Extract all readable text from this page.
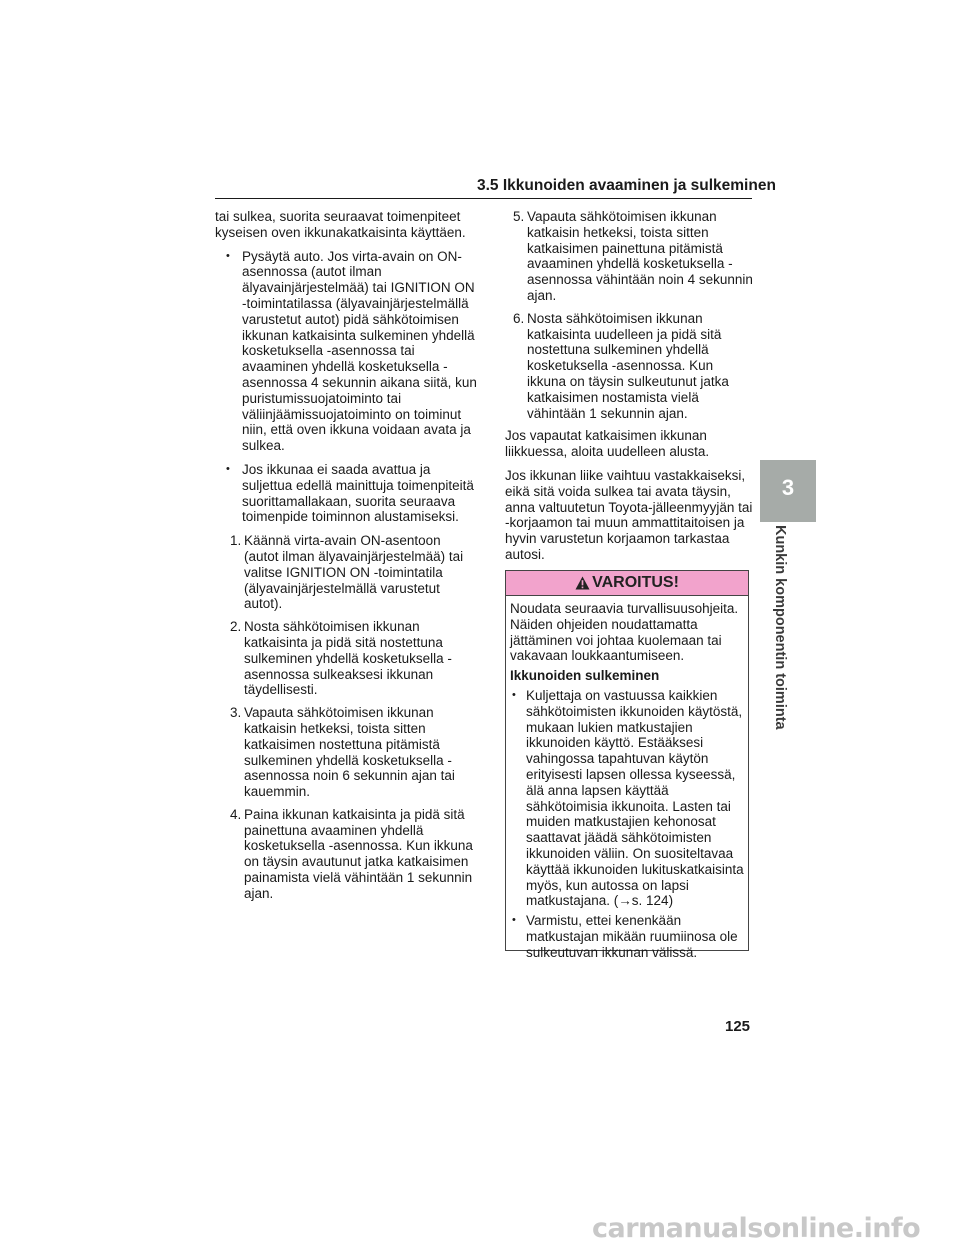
3.5 Ikkunoiden avaaminen ja sulkeminen
3
Kunkin komponentin toiminta

tai sulkea, suorita seuraavat toimenpiteet kyseisen oven ikkunakatkaisinta käyttäen.

• Pysäytä auto. Jos virta-avain on ON-asennossa (autot ilman älyavainjärjestelmää) tai IGNITION ON -toimintatilassa (älyavainjärjestelmällä varustetut autot) pidä sähkötoimisen ikkunan katkaisinta sulkeminen yhdellä kosketuksella -asennossa tai avaaminen yhdellä kosketuksella -asennossa 4 sekunnin aikana siitä, kun puristumissuojatoiminto tai väliinjäämissuojatoiminto on toiminut niin, että oven ikkuna voidaan avata ja sulkea.
• Jos ikkunaa ei saada avattua ja suljettua edellä mainittuja toimenpiteitä suorittamallakaan, suorita seuraava toimenpide toiminnon alustamiseksi.
1. Käännä virta-avain ON-asentoon (autot ilman älyavainjärjestelmää) tai valitse IGNITION ON -toimintatila (älyavainjärjestelmällä varustetut autot).
2. Nosta sähkötoimisen ikkunan katkaisinta ja pidä sitä nostettuna sulkeminen yhdellä kosketuksella -asennossa sulkeaksesi ikkunan täydellisesti.
3. Vapauta sähkötoimisen ikkunan katkaisin hetkeksi, toista sitten katkaisimen nostettuna pitämistä sulkeminen yhdellä kosketuksella -asennossa noin 6 sekunnin ajan tai kauemmin.
4. Paina ikkunan katkaisinta ja pidä sitä painettuna avaaminen yhdellä kosketuksella -asennossa. Kun ikkuna on täysin avautunut jatka katkaisimen painamista vielä vähintään 1 sekunnin ajan.
5. Vapauta sähkötoimisen ikkunan katkaisin hetkeksi, toista sitten katkaisimen painettuna pitämistä avaaminen yhdellä kosketuksella -asennossa vähintään noin 4 sekunnin ajan.
6. Nosta sähkötoimisen ikkunan katkaisinta uudelleen ja pidä sitä nostettuna sulkeminen yhdellä kosketuksella -asennossa. Kun ikkuna on täysin sulkeutunut jatka katkaisimen nostamista vielä vähintään 1 sekunnin ajan.

Jos vapautat katkaisimen ikkunan liikkuessa, aloita uudelleen alusta.

Jos ikkunan liike vaihtuu vastakkaiseksi, eikä sitä voida sulkea tai avata täysin, anna valtuutetun Toyota-jälleenmyyjän tai -korjaamon tai muun ammattitaitoisen ja hyvin varustetun korjaamon tarkastaa autosi.

VAROITUS!

Noudata seuraavia turvallisuusohjeita. Näiden ohjeiden noudattamatta jättäminen voi johtaa kuolemaan tai vakavaan loukkaantumiseen.

Ikkunoiden sulkeminen

• Kuljettaja on vastuussa kaikkien sähkötoimisten ikkunoiden käytöstä, mukaan lukien matkustajien ikkunoiden käyttö. Estääksesi vahingossa tapahtuvan käytön erityisesti lapsen ollessa kyseessä, älä anna lapsen käyttää sähkötoimisia ikkunoita. Lasten tai muiden matkustajien kehonosat saattavat jäädä sähkötoimisten ikkunoiden väliin. On suositeltavaa käyttää ikkunoiden lukituskatkaisinta myös, kun autossa on lapsi matkustajana. (→s. 124)
• Varmistu, ettei kenenkään matkustajan mikään ruumiinosa ole sulkeutuvan ikkunan välissä.
125
carmanualsonline.info
